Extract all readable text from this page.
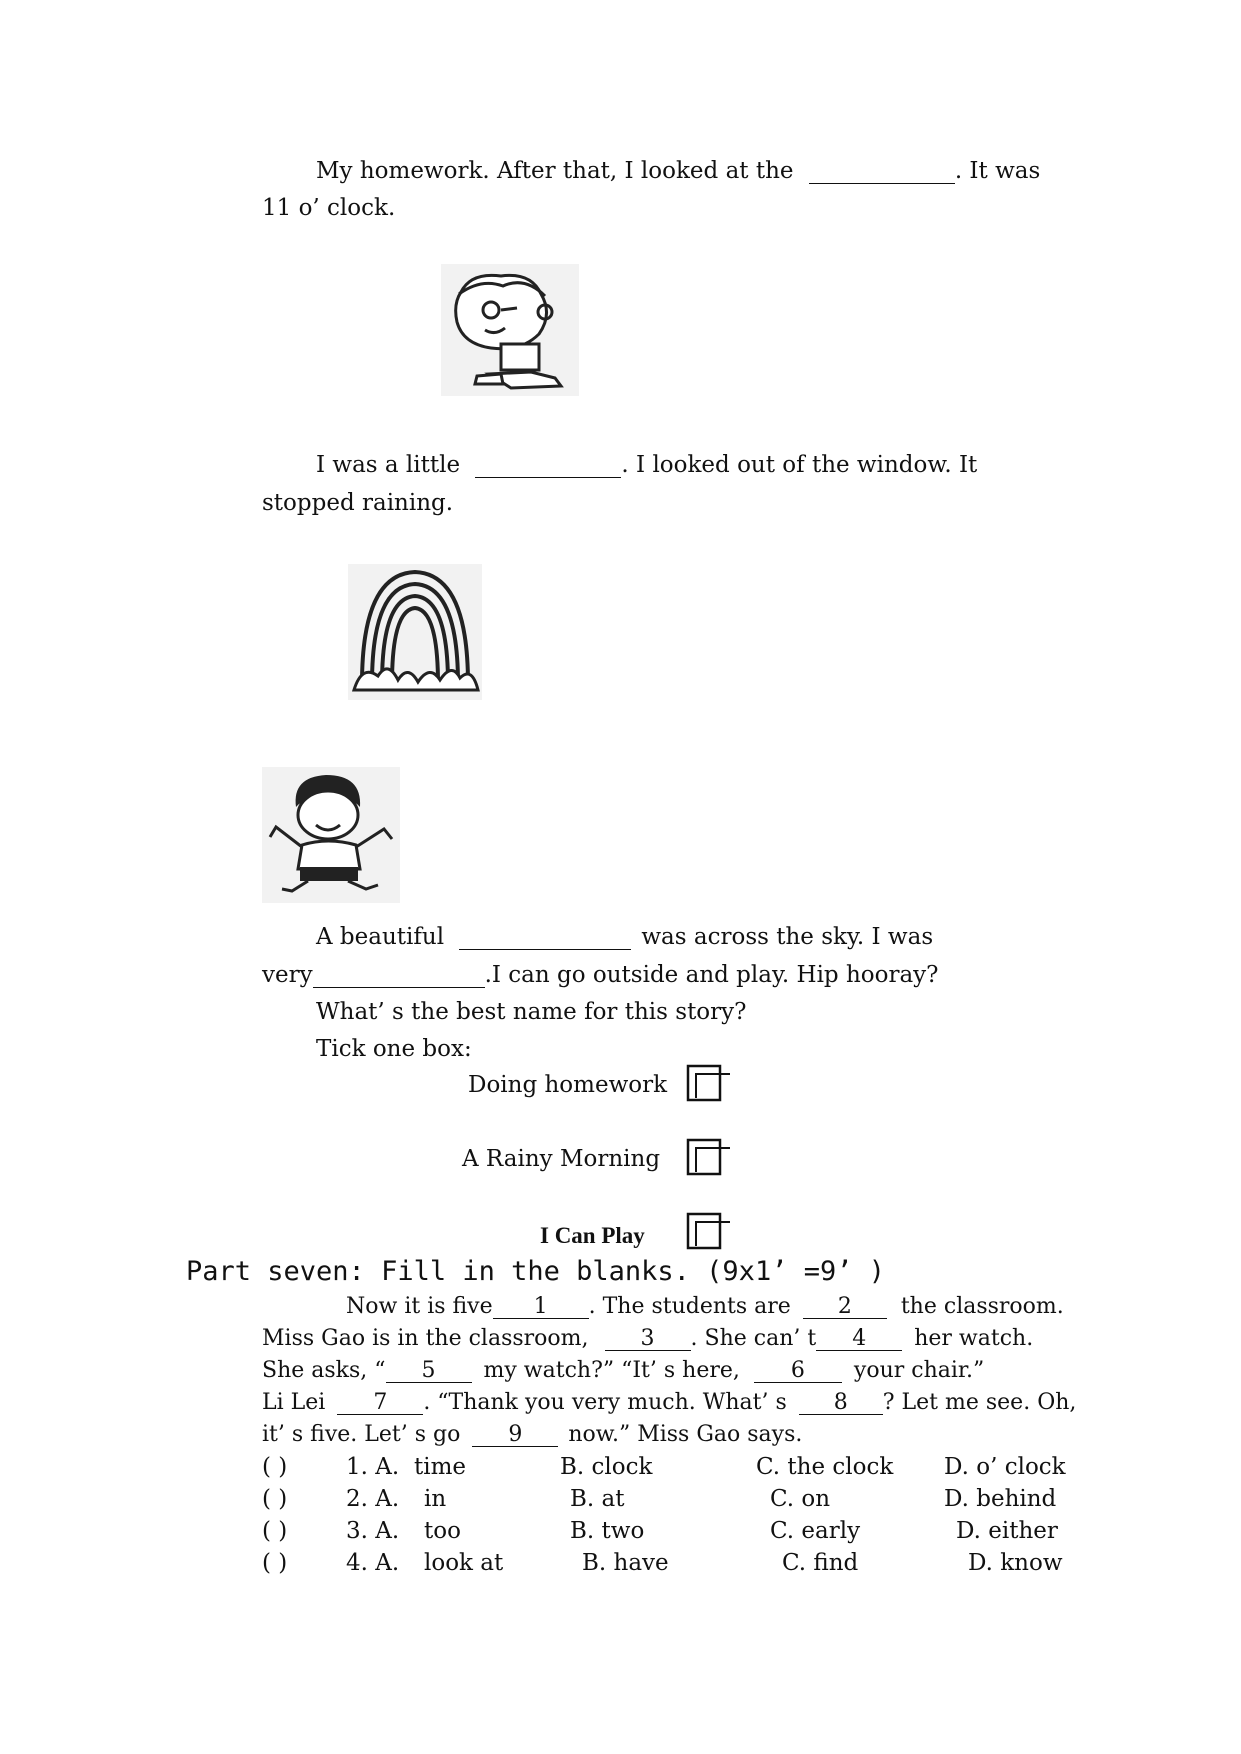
My homework. After that, I looked at the	. It was
11 o’ clock.
I was a little	. I looked out of the window. It
stopped raining.
A beautiful	was across the sky. I was
very	.I can go outside and play. Hip hooray?
What’ s the best name for this story?
Tick one box:
Doing homework
A Rainy Morning
I Can Play
Part seven: Fill in the blanks. (9x1’ =9’ )
Now it is five 1 . The students are 2 the classroom.
Miss Gao is in the classroom, 3 . She can’ t 4 her watch.
She asks, “ 5 my watch?” “It’ s here, 6 your chair.”
Li Lei 7 . “Thank you very much. What’ s 8 ? Let me see. Oh,
it’ s five. Let’ s go 9 now.” Miss Gao says.
( )	1. A. time	B. clock	C. the clock D. o’ clock
( )	2. A. in	B. at	C. on	D. behind
( )	3. A. too	B. two	C. early	D. either
( )	4. A. look at	B. have	C. find	D. know
